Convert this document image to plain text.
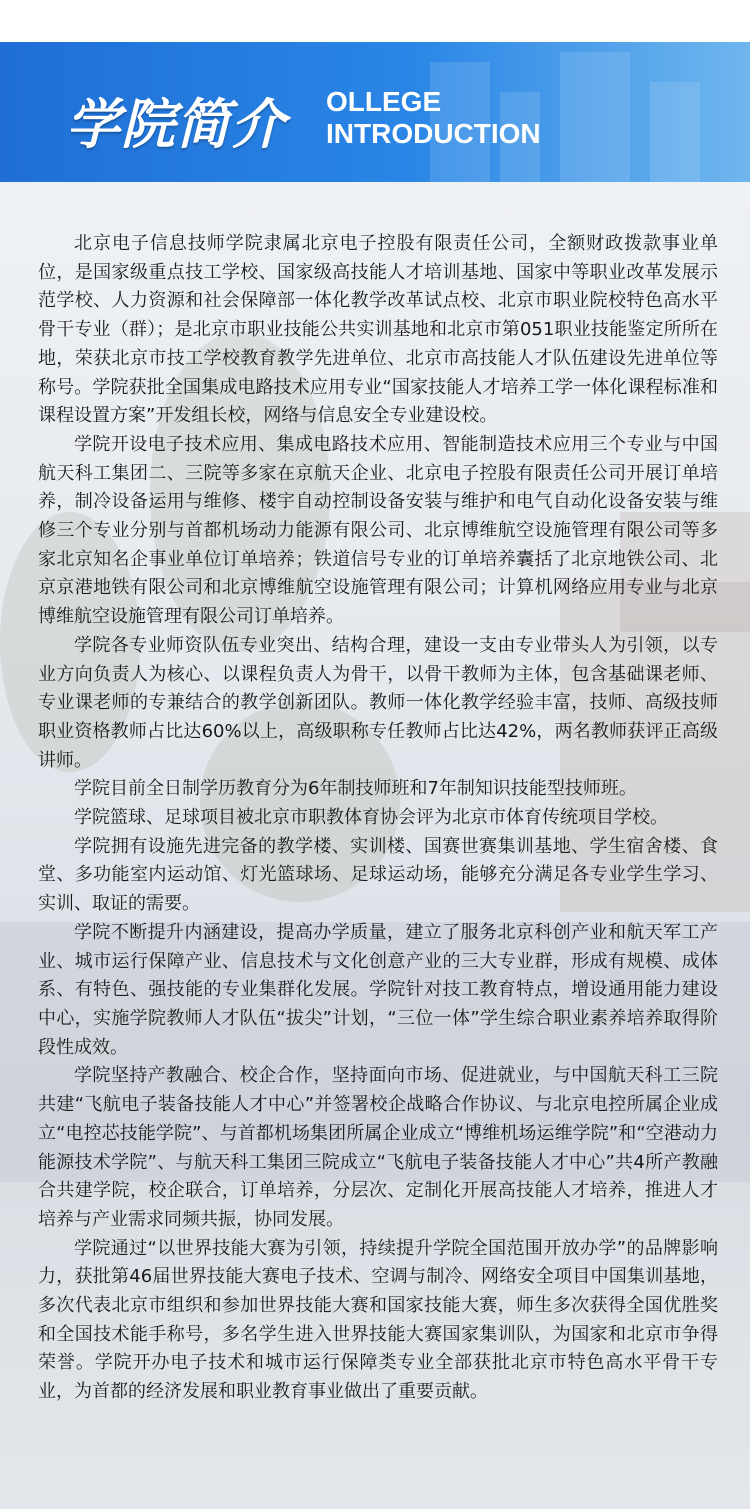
学院简介 OLLEGE
INTRODUCTION

北京电子信息技师学院隶属北京电子控股有限责任公司，全额财政拨款事业单位，是国家级重点技工学校、国家级高技能人才培训基地、国家中等职业改革发展示范学校、人力资源和社会保障部一体化教学改革试点校、北京市职业院校特色高水平骨干专业（群）；是北京市职业技能公共实训基地和北京市第051职业技能鉴定所所在地，荣获北京市技工学校教育教学先进单位、北京市高技能人才队伍建设先进单位等称号。学院获批全国集成电路技术应用专业“国家技能人才培养工学一体化课程标准和课程设置方案”开发组长校，网络与信息安全专业建设校。

学院开设电子技术应用、集成电路技术应用、智能制造技术应用三个专业与中国航天科工集团二、三院等多家在京航天企业、北京电子控股有限责任公司开展订单培养，制冷设备运用与维修、楼宇自动控制设备安装与维护和电气自动化设备安装与维修三个专业分别与首都机场动力能源有限公司、北京博维航空设施管理有限公司等多家北京知名企事业单位订单培养；铁道信号专业的订单培养囊括了北京地铁公司、北京京港地铁有限公司和北京博维航空设施管理有限公司；计算机网络应用专业与北京博维航空设施管理有限公司订单培养。

学院各专业师资队伍专业突出、结构合理，建设一支由专业带头人为引领，以专业方向负责人为核心、以课程负责人为骨干，以骨干教师为主体，包含基础课老师、专业课老师的专兼结合的教学创新团队。教师一体化教学经验丰富，技师、高级技师职业资格教师占比达60%以上，高级职称专任教师占比达42%，两名教师获评正高级讲师。

学院目前全日制学历教育分为6年制技师班和7年制知识技能型技师班。

学院篮球、足球项目被北京市职教体育协会评为北京市体育传统项目学校。

学院拥有设施先进完备的教学楼、实训楼、国赛世赛集训基地、学生宿舍楼、食堂、多功能室内运动馆、灯光篮球场、足球运动场，能够充分满足各专业学生学习、实训、取证的需要。

学院不断提升内涵建设，提高办学质量，建立了服务北京科创产业和航天军工产业、城市运行保障产业、信息技术与文化创意产业的三大专业群，形成有规模、成体系、有特色、强技能的专业集群化发展。学院针对技工教育特点，增设通用能力建设中心，实施学院教师人才队伍“拔尖”计划，“三位一体”学生综合职业素养培养取得阶段性成效。

学院坚持产教融合、校企合作，坚持面向市场、促进就业，与中国航天科工三院共建“飞航电子装备技能人才中心”并签署校企战略合作协议、与北京电控所属企业成立“电控芯技能学院”、与首都机场集团所属企业成立“博维机场运维学院”和“空港动力能源技术学院”、与航天科工集团三院成立“飞航电子装备技能人才中心”共4所产教融合共建学院，校企联合，订单培养，分层次、定制化开展高技能人才培养，推进人才培养与产业需求同频共振，协同发展。

学院通过“以世界技能大赛为引领，持续提升学院全国范围开放办学”的品牌影响力，获批第46届世界技能大赛电子技术、空调与制冷、网络安全项目中国集训基地，多次代表北京市组织和参加世界技能大赛和国家技能大赛，师生多次获得全国优胜奖和全国技术能手称号，多名学生进入世界技能大赛国家集训队，为国家和北京市争得荣誉。学院开办电子技术和城市运行保障类专业全部获批北京市特色高水平骨干专业，为首都的经济发展和职业教育事业做出了重要贡献。
